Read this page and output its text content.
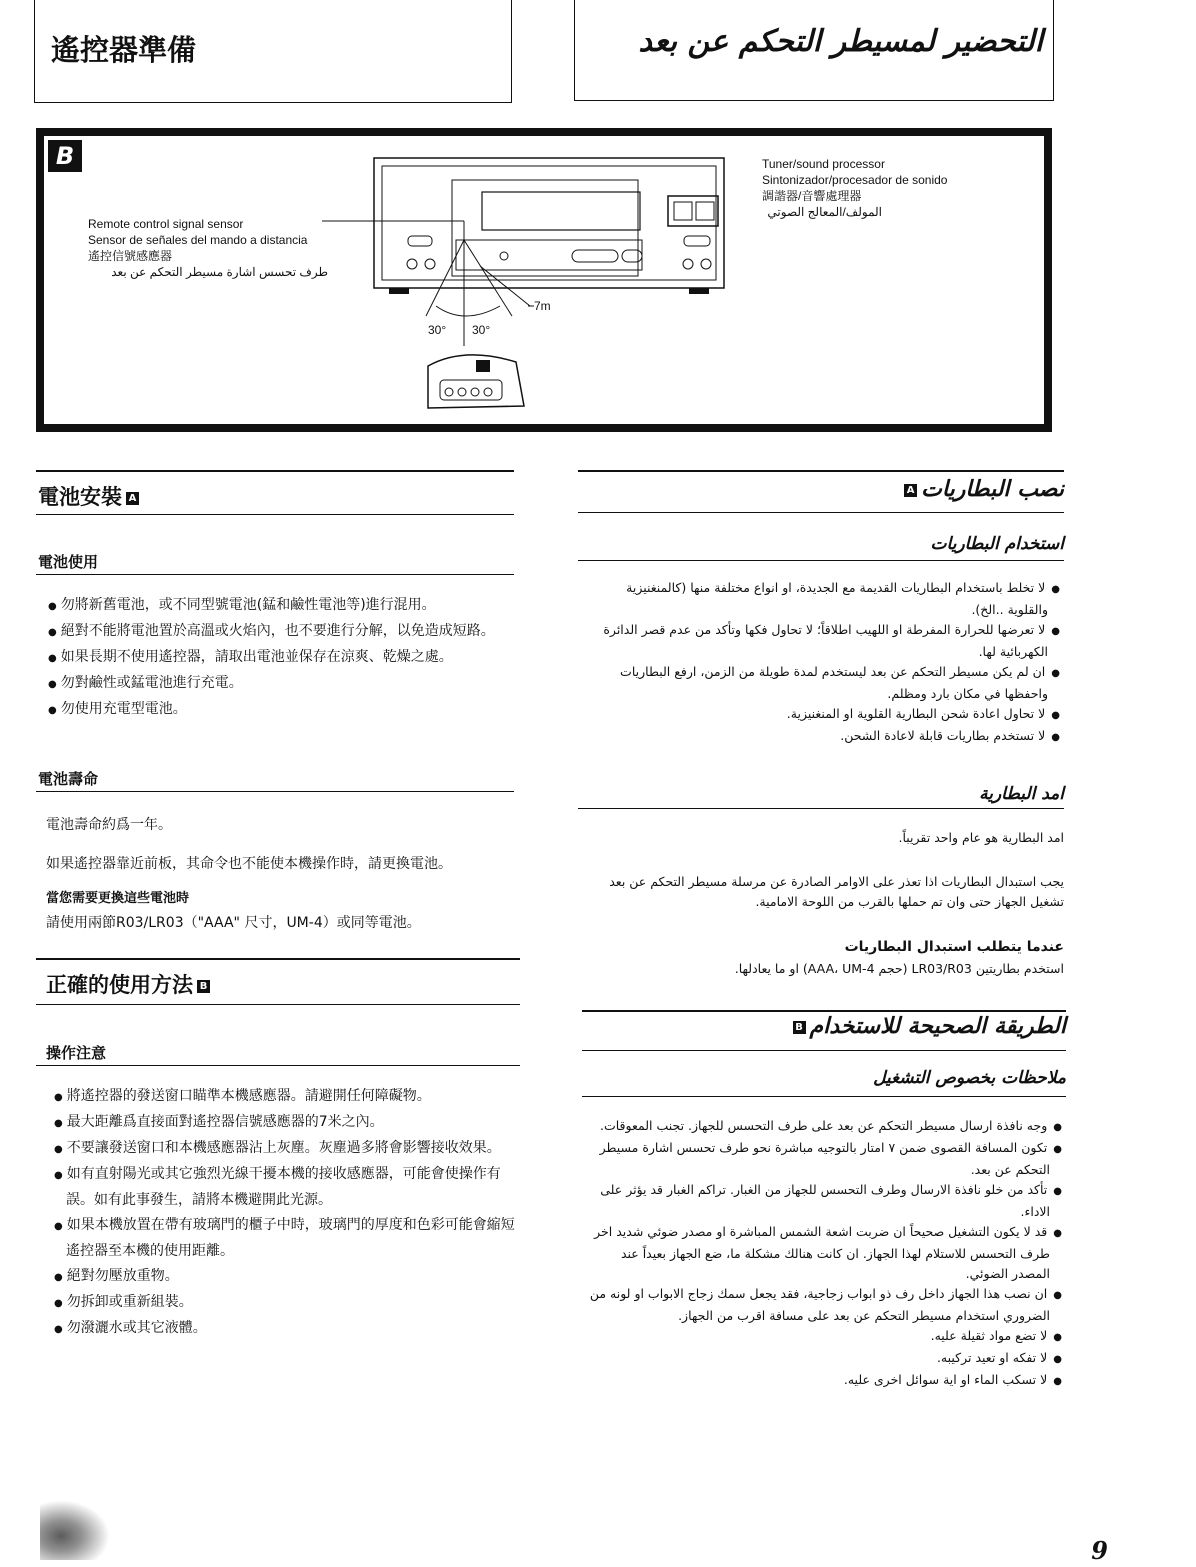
遙控器準備	التحضير لمسيطر التحكم عن بعد
B
Remote control signal sensor
Sensor de señales del mando a distancia
遙控信號感應器
طرف تحسس اشارة مسيطر التحكم عن بعد
Tuner/sound processor
Sintonizador/procesador de sonido
調諧器/音響處理器
المولف/المعالج الصوتي
7m
30° 30°
電池安裝 A
電池使用
● 勿將新舊電池，或不同型號電池(錳和鹼性電池等)進行混用。
● 絕對不能將電池置於高溫或火焰內，也不要進行分解，以免造成短路。
● 如果長期不使用遙控器，請取出電池並保存在涼爽、乾燥之處。
● 勿對鹼性或錳電池進行充電。
● 勿使用充電型電池。
電池壽命
電池壽命約爲一年。
如果遙控器靠近前板，其命令也不能使本機操作時，請更換電池。
當您需要更換這些電池時
請使用兩節R03/LR03（"AAA" 尺寸，UM-4）或同等電池。
正確的使用方法 B
操作注意
● 將遙控器的發送窗口瞄準本機感應器。請避開任何障礙物。
● 最大距離爲直接面對遙控器信號感應器的7米之內。
● 不要讓發送窗口和本機感應器沾上灰塵。灰塵過多將會影響接收效果。
● 如有直射陽光或其它強烈光線干擾本機的接收感應器，可能會使操作有誤。如有此事發生，請將本機避開此光源。
● 如果本機放置在帶有玻璃門的櫃子中時，玻璃門的厚度和色彩可能會縮短遙控器至本機的使用距離。
● 絕對勿壓放重物。
● 勿拆卸或重新組裝。
● 勿潑灑水或其它液體。
نصب البطارياتA
استخدام البطاريات
● لا تخلط باستخدام البطاريات القديمة مع الجديدة، او انواع مختلفة منها (كالمنغنيزية والقلوية ..الخ).
● لا تعرضها للحرارة المفرطة او اللهيب اطلاقاً؛ لا تحاول فكها وتأكد من عدم قصر الدائرة الكهربائية لها.
● ان لم يكن مسيطر التحكم عن بعد ليستخدم لمدة طويلة من الزمن، ارفع البطاريات واحفظها في مكان بارد ومظلم.
● لا تحاول اعادة شحن البطارية القلوية او المنغنيزية.
● لا تستخدم بطاريات قابلة لاعادة الشحن.
امد البطارية
امد البطارية هو عام واحد تقريباً.
يجب استبدال البطاريات اذا تعذر على الاوامر الصادرة عن مرسلة مسيطر التحكم عن بعد تشغيل الجهاز حتى وان تم حملها بالقرب من اللوحة الامامية.
عندما يتطلب استبدال البطاريات
استخدم بطاريتين LR03/R03 (حجم AAA، UM-4) او ما يعادلها.
الطريقة الصحيحة للاستخدامB
ملاحظات بخصوص التشغيل
● وجه نافذة ارسال مسيطر التحكم عن بعد على طرف التحسس للجهاز. تجنب المعوقات.
● تكون المسافة القصوى ضمن ٧ امتار بالتوجيه مباشرة نحو طرف تحسس اشارة مسيطر التحكم عن بعد.
● تأكد من خلو نافذة الارسال وطرف التحسس للجهاز من الغبار. تراكم الغبار قد يؤثر على الاداء.
● قد لا يكون التشغيل صحيحاً ان ضربت اشعة الشمس المباشرة او مصدر ضوئي شديد اخر طرف التحسس للاستلام لهذا الجهاز. ان كانت هنالك مشكلة ما، ضع الجهاز بعيداً عند المصدر الضوئي.
● ان نصب هذا الجهاز داخل رف ذو ابواب زجاجية، فقد يجعل سمك زجاج الابواب او لونه من الضروري استخدام مسيطر التحكم عن بعد على مسافة اقرب من الجهاز.
● لا تضع مواد ثقيلة عليه.
● لا تفكه او تعيد تركيبه.
● لا تسكب الماء او اية سوائل اخرى عليه.
9
